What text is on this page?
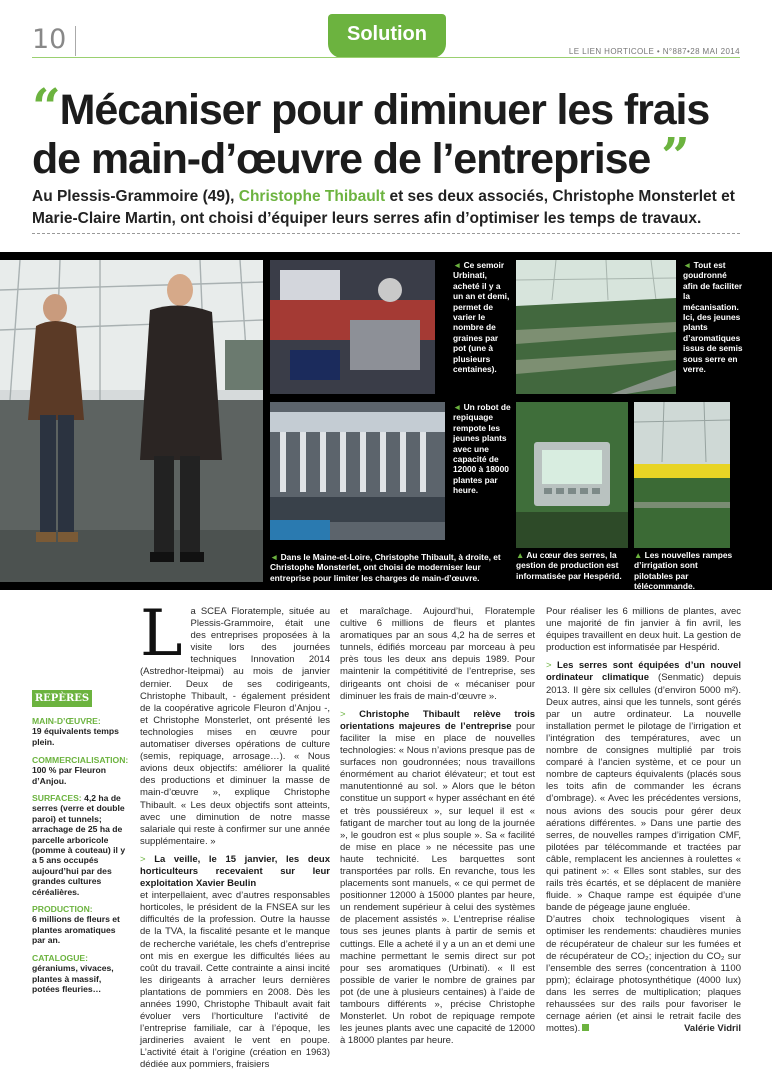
10	Solution
LE LIEN HORTICOLE • N°887•28 MAI 2014
“Mécaniser pour diminuer les frais
de main-d’œuvre de l’entreprise ”
Au Plessis-Grammoire (49), Christophe Thibault et ses deux associés, Christophe Monsterlet et Marie-Claire Martin, ont choisi d’équiper leurs serres afin d’optimiser les temps de travaux.
◄ Dans le Maine-et-Loire, Christophe Thibault, à droite, et Christophe Monsterlet, ont choisi de moderniser leur entreprise pour limiter les charges de main-d’œuvre.
◄ Ce semoir Urbinati, acheté il y a un an et demi, permet de varier le nombre de graines par pot (une à plusieurs centaines).
◄ Tout est goudronné afin de faciliter la mécanisation. Ici, des jeunes plants d’aromatiques issus de semis sous serre en verre.
◄ Un robot de repiquage rempote les jeunes plants avec une capacité de 12000 à 18000 plantes par heure.
▲ Au cœur des serres, la gestion de production est informatisée par Hespérid.
▲ Les nouvelles rampes d’irrigation sont pilotables par télécommande.
REPÈRES
MAIN-D’ŒUVRE:
19 équivalents temps plein.
COMMERCIALISATION:
100 % par Fleuron d’Anjou.
SURFACES: 4,2 ha de serres (verre et double paroi) et tunnels; arrachage de 25 ha de parcelle arboricole (pomme à couteau) il y a 5 ans occupés aujourd’hui par des grandes cultures céréalières.
PRODUCTION:
6 millions de fleurs et plantes aromatiques par an.
CATALOGUE:
géraniums, vivaces, plantes à massif, potées fleuries…
L a SCEA Floratemple, située au Plessis-Grammoire, était une des entreprises proposées à la visite lors des journées techniques Innovation 2014 (Astredhor-Iteipmai) au mois de janvier dernier. Deux de ses codirigeants, Christophe Thibault, - également président de la coopérative agricole Fleuron d’Anjou -, et Christophe Monsterlet, ont présenté les technologies mises en œuvre pour automatiser diverses opérations de culture (semis, repiquage, arrosage…). « Nous avions deux objectifs: améliorer la qualité des productions et diminuer la masse de main-d’œuvre », explique Christophe Thibault. « Les deux objectifs sont atteints, avec une diminution de notre masse salariale qui reste à confirmer sur une année supplémentaire. »

> La veille, le 15 janvier, les deux horticulteurs recevaient sur leur exploitation Xavier Beulin

et interpellaient, avec d’autres responsables horticoles, le président de la FNSEA sur les difficultés de la profession. Outre la hausse de la TVA, la fiscalité pesante et le manque de recherche variétale, les chefs d’entreprise ont mis en exergue les difficultés liées au coût du travail. Cette contrainte a ainsi incité les dirigeants à arracher leurs dernières plantations de pommiers en 2008. Dès les années 1990, Christophe Thibault avait fait évoluer vers l’horticulture l’activité de l’entreprise familiale, car à l’époque, les jardineries avaient le vent en poupe. L’activité était à l’origine (création en 1963) dédiée aux pommiers, fraisiers

et maraîchage. Aujourd’hui, Floratemple cultive 6 millions de fleurs et plantes aromatiques par an sous 4,2 ha de serres et tunnels, édifiés morceau par morceau à peu près tous les deux ans depuis 1989. Pour maintenir la compétitivité de l’entreprise, ses dirigeants ont choisi de « mécaniser pour diminuer les frais de main-d’œuvre ».

> Christophe Thibault relève trois orientations majeures de l’entreprise pour faciliter la mise en place de nouvelles technologies: « Nous n’avions presque pas de surfaces non goudronnées; nous travaillons énormément au chariot élévateur; et tout est manutentionné au sol. » Alors que le béton constitue un support « hyper asséchant en été et très poussiéreux », sur lequel il est « fatigant de marcher tout au long de la journée », le goudron est « plus souple ». Sa « facilité de mise en place » ne nécessite pas une haute technicité. Les barquettes sont transportées par rolls. En revanche, tous les placements sont manuels, « ce qui permet de positionner 12000 à 15000 plantes par heure, un rendement supérieur à celui des systèmes de placement assistés ». L’entreprise réalise tous ses jeunes plants à partir de semis et cuttings. Elle a acheté il y a un an et demi une machine permettant le semis direct sur pot pour ses aromatiques (Urbinati). « Il est possible de varier le nombre de graines par pot (de une à plusieurs centaines) à l’aide de tambours différents », précise Christophe Monsterlet. Un robot de repiquage rempote les jeunes plants avec une capacité de 12000 à 18000 plantes par heure.

Pour réaliser les 6 millions de plantes, avec une majorité de fin janvier à fin avril, les équipes travaillent en deux huit. La gestion de production est informatisée par Hespérid.

> Les serres sont équipées d’un nouvel ordinateur climatique (Senmatic) depuis 2013. Il gère six cellules (d’environ 5000 m²). Deux autres, ainsi que les tunnels, sont gérés par un autre ordinateur. La nouvelle installation permet le pilotage de l’irrigation et l’intégration des températures, avec un nombre de consignes multiplié par trois comparé à l’ancien système, et ce pour un nombre de capteurs équivalents (placés sous les toits afin de commander les écrans d’ombrage). « Avec les précédentes versions, nous avions des soucis pour gérer deux aérations différentes. » Dans une partie des serres, de nouvelles rampes d’irrigation CMF, pilotées par télécommande et tractées par câble, remplacent les anciennes à roulettes « qui patinent »: « Elles sont stables, sur des rails très écartés, et se déplacent de manière fluide. » Chaque rampe est équipée d’une bande de pégeage jaune engluée.

D’autres choix technologiques visent à optimiser les rendements: chaudières munies de récupérateur de chaleur sur les fumées et de récupérateur de CO₂; injection du CO₂ sur l’ensemble des serres (concentration à 1100 ppm); éclairage photosynthétique (4000 lux) dans les serres de multiplication; plaques rehaussées sur des rails pour favoriser le cernage aérien (et ainsi le retrait facile des mottes).	Valérie Vidril
